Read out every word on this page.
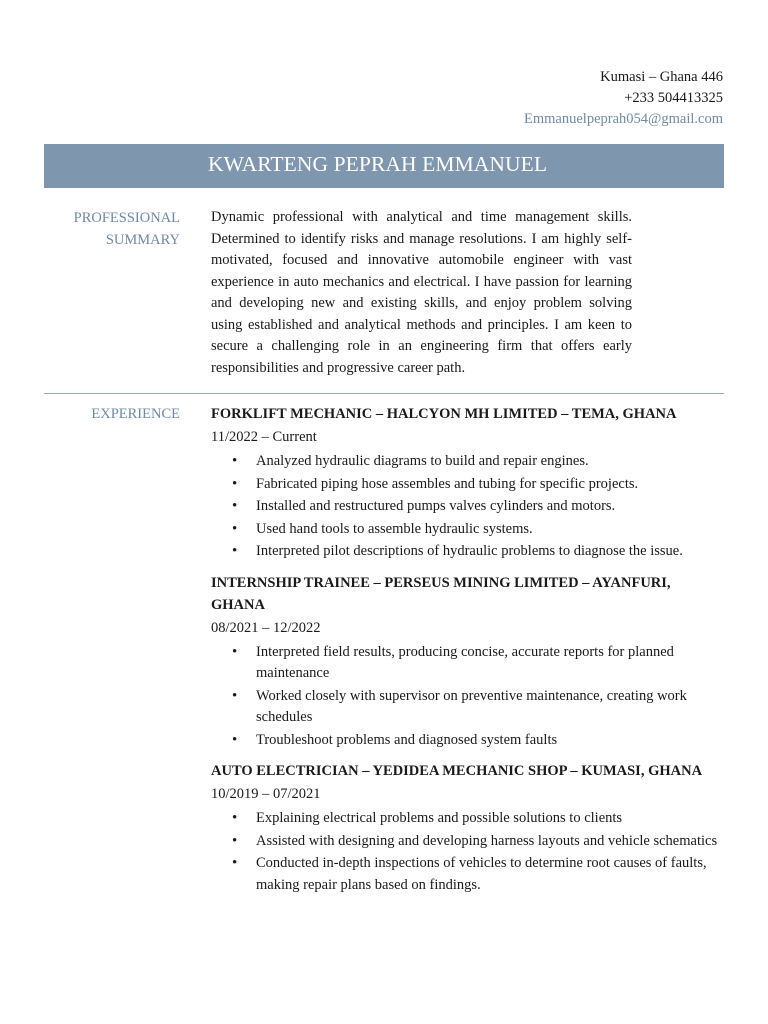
Kumasi – Ghana 446
+233 504413325
Emmanuelpeprah054@gmail.com
KWARTENG PEPRAH EMMANUEL
PROFESSIONAL
SUMMARY
Dynamic professional with analytical and time management skills. Determined to identify risks and manage resolutions. I am highly self-motivated, focused and innovative automobile engineer with vast experience in auto mechanics and electrical. I have passion for learning and developing new and existing skills, and enjoy problem solving using established and analytical methods and principles. I am keen to secure a challenging role in an engineering firm that offers early responsibilities and progressive career path.
EXPERIENCE FORKLIFT MECHANIC – HALCYON MH LIMITED – TEMA, GHANA
11/2022 – Current
• Analyzed hydraulic diagrams to build and repair engines.
• Fabricated piping hose assembles and tubing for specific projects.
• Installed and restructured pumps valves cylinders and motors.
• Used hand tools to assemble hydraulic systems.
• Interpreted pilot descriptions of hydraulic problems to diagnose the issue.
INTERNSHIP TRAINEE – PERSEUS MINING LIMITED – AYANFURI, GHANA
08/2021 – 12/2022
• Interpreted field results, producing concise, accurate reports for planned maintenance
• Worked closely with supervisor on preventive maintenance, creating work schedules
• Troubleshoot problems and diagnosed system faults
AUTO ELECTRICIAN – YEDIDEA MECHANIC SHOP – KUMASI, GHANA
10/2019 – 07/2021
• Explaining electrical problems and possible solutions to clients
• Assisted with designing and developing harness layouts and vehicle schematics
• Conducted in-depth inspections of vehicles to determine root causes of faults, making repair plans based on findings.
